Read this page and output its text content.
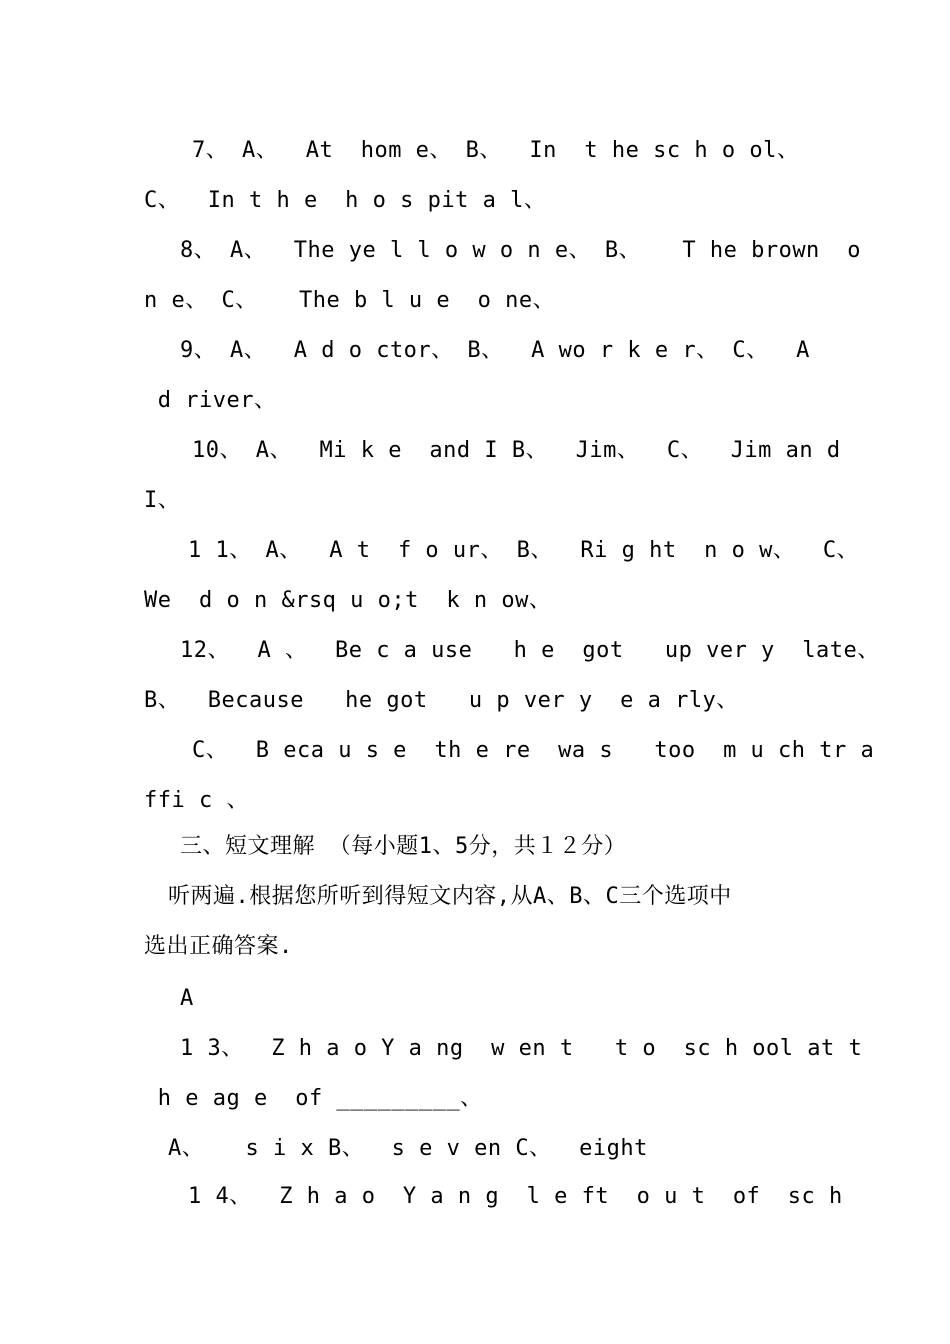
7、 A、  At  hom e、 B、  In  t he sc h o ol、
C、  In t h e  h o s pit a l、
8、 A、  The ye l l o w o n e、 B、   T he brown  o
n e、 C、   The b l u e  o ne、
9、 A、  A d o ctor、 B、  A wo r k e r、 C、  A
d river、
10、 A、  Mi k e  and I B、  Jim、  C、  Jim an d
I、
1 1、 A、  A t  f o ur、 B、  Ri g ht  n o w、  C、
We  d o n &rsq u o;t  k n ow、
12、  A 、  Be c a use   h e  got   up ver y  late、
B、  Because   he got   u p ver y  e a rly、
C、  B eca u s e  th e re  wa s   too  m u ch tr a
ffi c 、
三、短文理解 （每小题1、5分，共１２分）
听两遍.根据您所听到得短文内容,从A、B、C三个选项中
选出正确答案.
A
1 3、  Z h a o Y a ng  w en t   t o  sc h ool at t
h e ag e  of _________、
A、   s i x B、  s e v en C、  eight
1 4、  Z h a o  Y a n g  l e ft  o u t  of  sc h
